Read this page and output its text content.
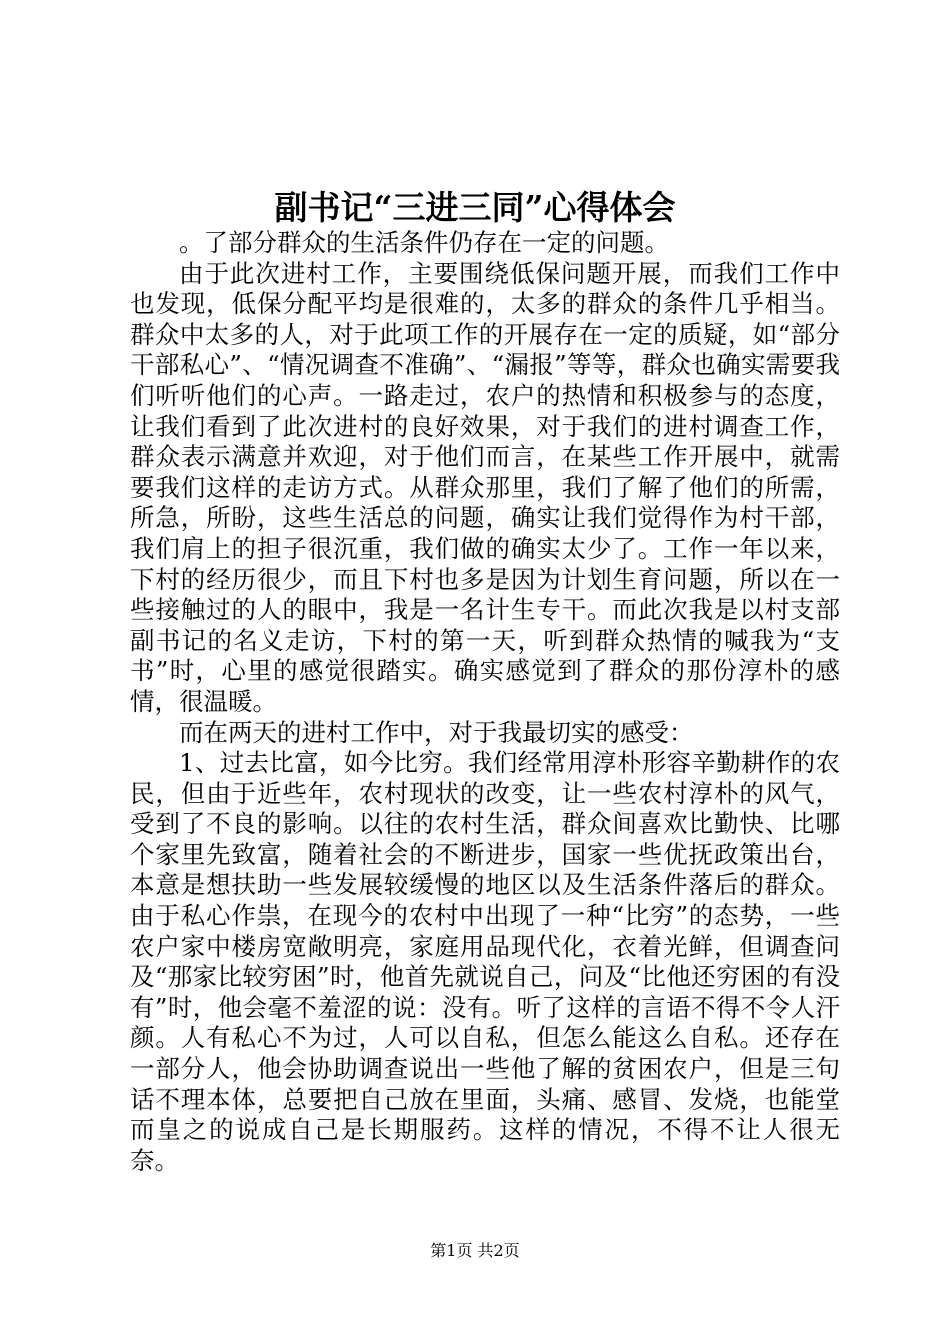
副书记“三进三同”心得体会

。了部分群众的生活条件仍存在一定的问题。

由于此次进村工作，主要围绕低保问题开展，而我们工作中也发现，低保分配平均是很难的，太多的群众的条件几乎相当。群众中太多的人，对于此项工作的开展存在一定的质疑，如“部分干部私心”、“情况调查不准确”、“漏报”等等，群众也确实需要我们听听他们的心声。一路走过，农户的热情和积极参与的态度，让我们看到了此次进村的良好效果，对于我们的进村调查工作，群众表示满意并欢迎，对于他们而言，在某些工作开展中，就需要我们这样的走访方式。从群众那里，我们了解了他们的所需，所急，所盼，这些生活总的问题，确实让我们觉得作为村干部，我们肩上的担子很沉重，我们做的确实太少了。工作一年以来，下村的经历很少，而且下村也多是因为计划生育问题，所以在一些接触过的人的眼中，我是一名计生专干。而此次我是以村支部副书记的名义走访，下村的第一天，听到群众热情的喊我为“支书”时，心里的感觉很踏实。确实感觉到了群众的那份淳朴的感情，很温暖。

而在两天的进村工作中，对于我最切实的感受：

1、过去比富，如今比穷。我们经常用淳朴形容辛勤耕作的农民，但由于近些年，农村现状的改变，让一些农村淳朴的风气，受到了不良的影响。以往的农村生活，群众间喜欢比勤快、比哪个家里先致富，随着社会的不断进步，国家一些优抚政策出台，本意是想扶助一些发展较缓慢的地区以及生活条件落后的群众。由于私心作祟，在现今的农村中出现了一种“比穷”的态势，一些农户家中楼房宽敞明亮，家庭用品现代化，衣着光鲜，但调查问及“那家比较穷困”时，他首先就说自己，问及“比他还穷困的有没有”时，他会毫不羞涩的说：没有。听了这样的言语不得不令人汗颜。人有私心不为过，人可以自私，但怎么能这么自私。还存在一部分人，他会协助调查说出一些他了解的贫困农户，但是三句话不理本体，总要把自己放在里面，头痛、感冒、发烧，也能堂而皇之的说成自己是长期服药。这样的情况，不得不让人很无奈。

第1页 共2页
